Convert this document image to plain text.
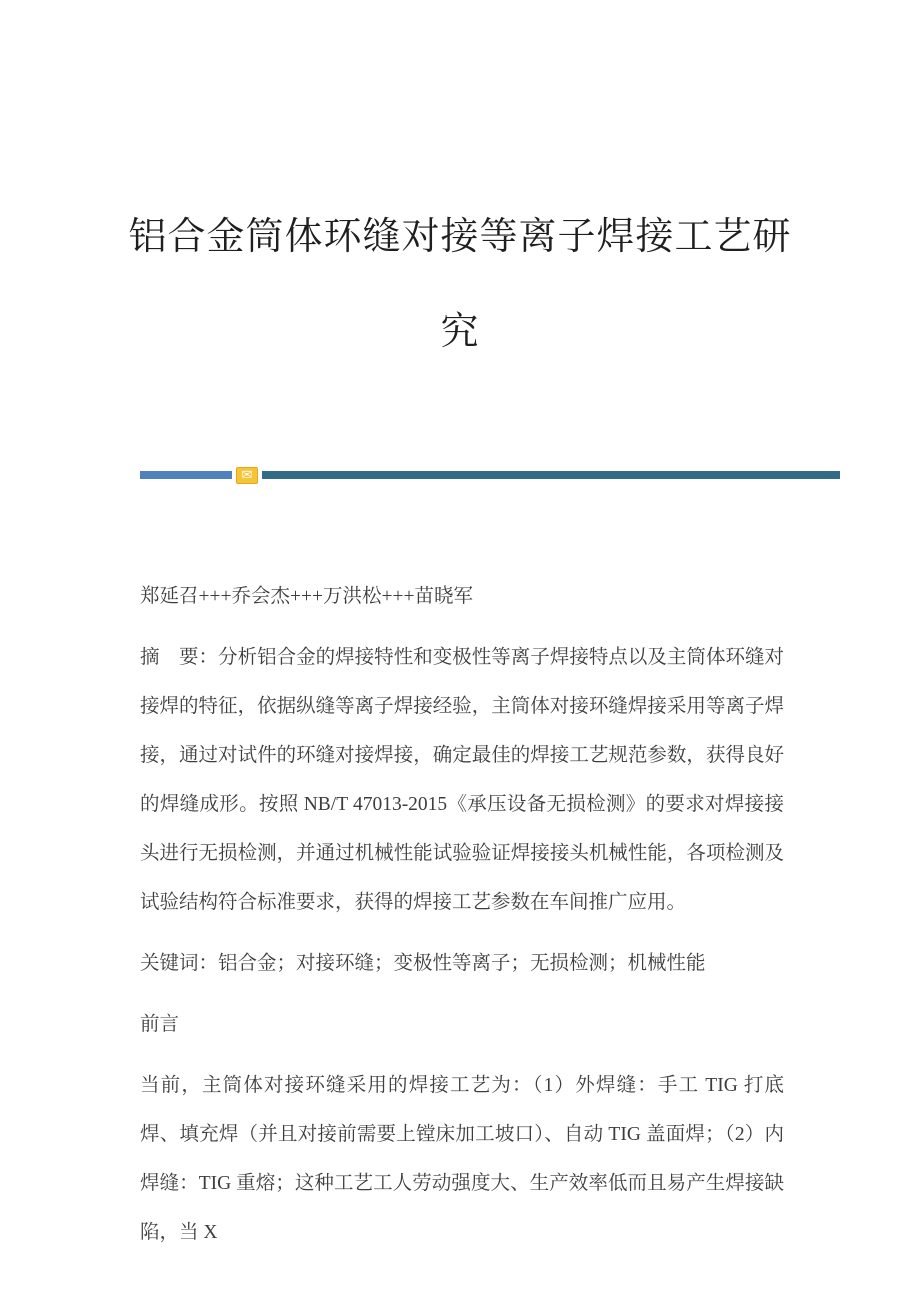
铝合金筒体环缝对接等离子焊接工艺研究
✉

郑延召+++乔会杰+++万洪松+++苗晓军

摘　要：分析铝合金的焊接特性和变极性等离子焊接特点以及主筒体环缝对接焊的特征，依据纵缝等离子焊接经验，主筒体对接环缝焊接采用等离子焊接，通过对试件的环缝对接焊接，确定最佳的焊接工艺规范参数，获得良好的焊缝成形。按照 NB/T 47013-2015《承压设备无损检测》的要求对焊接接头进行无损检测，并通过机械性能试验验证焊接接头机械性能，各项检测及试验结构符合标准要求，获得的焊接工艺参数在车间推广应用。

关键词：铝合金；对接环缝；变极性等离子；无损检测；机械性能

前言

当前，主筒体对接环缝采用的焊接工艺为：（1）外焊缝：手工 TIG 打底焊、填充焊（并且对接前需要上镗床加工坡口）、自动 TIG 盖面焊；（2）内焊缝：TIG 重熔；这种工艺工人劳动强度大、生产效率低而且易产生焊接缺陷，当 X
